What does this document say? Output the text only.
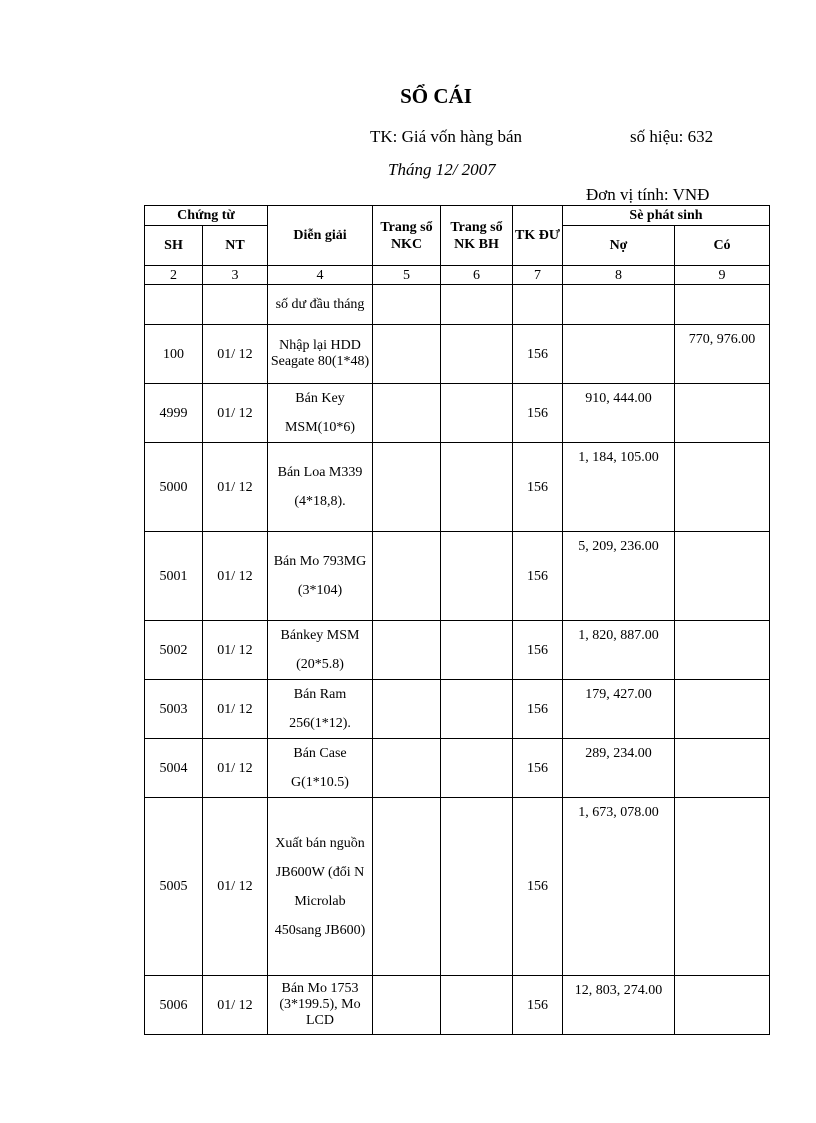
SỔ CÁI
TK: Giá vốn hàng bán	số hiệu: 632
Tháng 12/ 2007
Đơn vị tính: VNĐ
Chứng từ		Diễn giải	Trang sổ NKC	Trang sổ NK BH	TK ĐƯ	Sè phát sinh	
SH	NT					Nợ	Có
2	3	4	5	6	7	8	9
		số dư đầu tháng					
100	01/ 12	Nhập lại HDD Seagate 80(1*48)			156		770, 976.00
4999	01/ 12	Bán Key MSM(10*6)			156	910, 444.00	
5000	01/ 12	Bán Loa M339 (4*18,8).			156	1, 184, 105.00	
5001	01/ 12	Bán Mo 793MG (3*104)			156	5, 209, 236.00	
5002	01/ 12	Bánkey MSM (20*5.8)			156	1, 820, 887.00	
5003	01/ 12	Bán Ram 256(1*12).			156	179, 427.00	
5004	01/ 12	Bán Case G(1*10.5)			156	289, 234.00	
5005	01/ 12	Xuất bán nguồn JB600W (đổi N Microlab 450sang JB600)			156	1, 673, 078.00	
5006	01/ 12	Bán Mo 1753 (3*199.5), Mo LCD			156	12, 803, 274.00	
